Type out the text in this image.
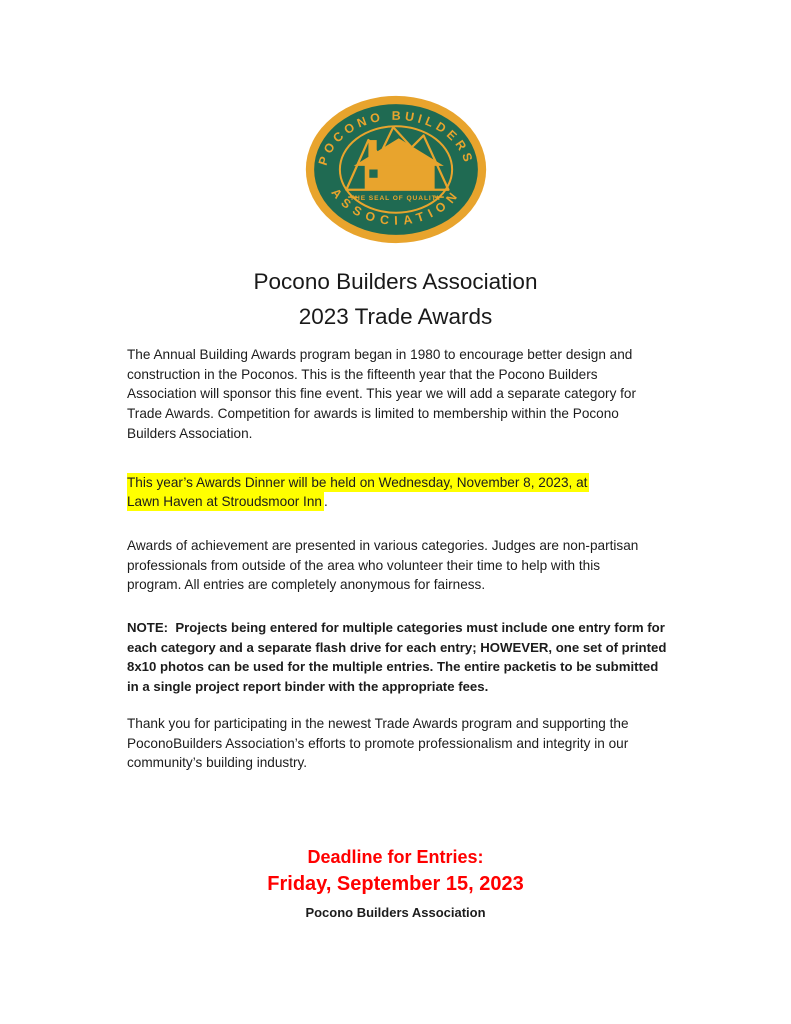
POCONO BUILDERS
ASSOCIATION
THE SEAL OF QUALITY
Pocono Builders Association
2023 Trade Awards
The Annual Building Awards program began in 1980 to encourage better design and
construction in the Poconos. This is the fifteenth year that the Pocono Builders
Association will sponsor this fine event. This year we will add a separate category for
Trade Awards. Competition for awards is limited to membership within the Pocono
Builders Association.
This year’s Awards Dinner will be held on Wednesday, November 8, 2023, at
Lawn Haven at Stroudsmoor Inn .
Awards of achievement are presented in various categories. Judges are non-partisan
professionals from outside of the area who volunteer their time to help with this
program. All entries are completely anonymous for fairness.
NOTE:  Projects being entered for multiple categories must include one entry form for
each category and a separate flash drive for each entry; HOWEVER, one set of printed
8x10 photos can be used for the multiple entries. The entire packetis to be submitted
in a single project report binder with the appropriate fees.
Thank you for participating in the newest Trade Awards program and supporting the
PoconoBuilders Association’s efforts to promote professionalism and integrity in our
community’s building industry.
Deadline for Entries:
Friday, September 15, 2023
Pocono Builders Association
